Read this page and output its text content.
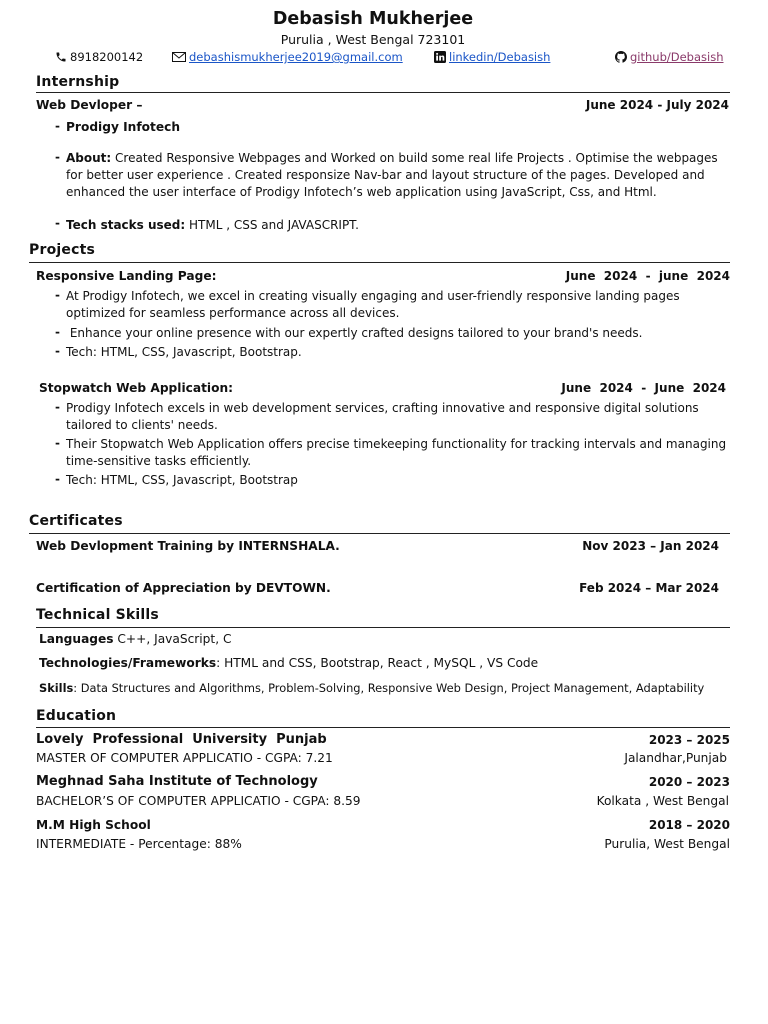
Debasish Mukherjee
Purulia , West Bengal 723101
8918200142	debashismukherjee2019@gmail.com	linkedin/Debasish	github/Debasish
Internship
Web Devloper –	June 2024 - July 2024
- Prodigy Infotech
- About: Created Responsive Webpages and Worked on build some real life Projects . Optimise the webpages for better user experience . Created responsize Nav-bar and layout structure of the pages. Developed and enhanced the user interface of Prodigy Infotech’s web application using JavaScript, Css, and Html.
- Tech stacks used: HTML , CSS and JAVASCRIPT.
Projects
Responsive Landing Page:	June  2024  -  june  2024
- At Prodigy Infotech, we excel in creating visually engaging and user-friendly responsive landing pages optimized for seamless performance across all devices.
- Enhance your online presence with our expertly crafted designs tailored to your brand's needs.
- Tech: HTML, CSS, Javascript, Bootstrap.
Stopwatch Web Application:	June  2024  -  June  2024
- Prodigy Infotech excels in web development services, crafting innovative and responsive digital solutions tailored to clients' needs.
- Their Stopwatch Web Application offers precise timekeeping functionality for tracking intervals and managing time-sensitive tasks efficiently.
- Tech: HTML, CSS, Javascript, Bootstrap
Certificates
Web Devlopment Training by INTERNSHALA.	Nov 2023 – Jan 2024
Certification of Appreciation by DEVTOWN.	Feb 2024 – Mar 2024
Technical Skills
Languages C++, JavaScript, C
Technologies/Frameworks: HTML and CSS, Bootstrap, React , MySQL , VS Code
Skills: Data Structures and Algorithms, Problem-Solving, Responsive Web Design, Project Management, Adaptability
Education
Lovely  Professional  University  Punjab	2023 – 2025
MASTER OF COMPUTER APPLICATIO - CGPA: 7.21	Jalandhar,Punjab
Meghnad Saha Institute of Technology	2020 – 2023
BACHELOR’S OF COMPUTER APPLICATIO - CGPA: 8.59	Kolkata , West Bengal
M.M High School	2018 – 2020
INTERMEDIATE - Percentage: 88%	Purulia, West Bengal
